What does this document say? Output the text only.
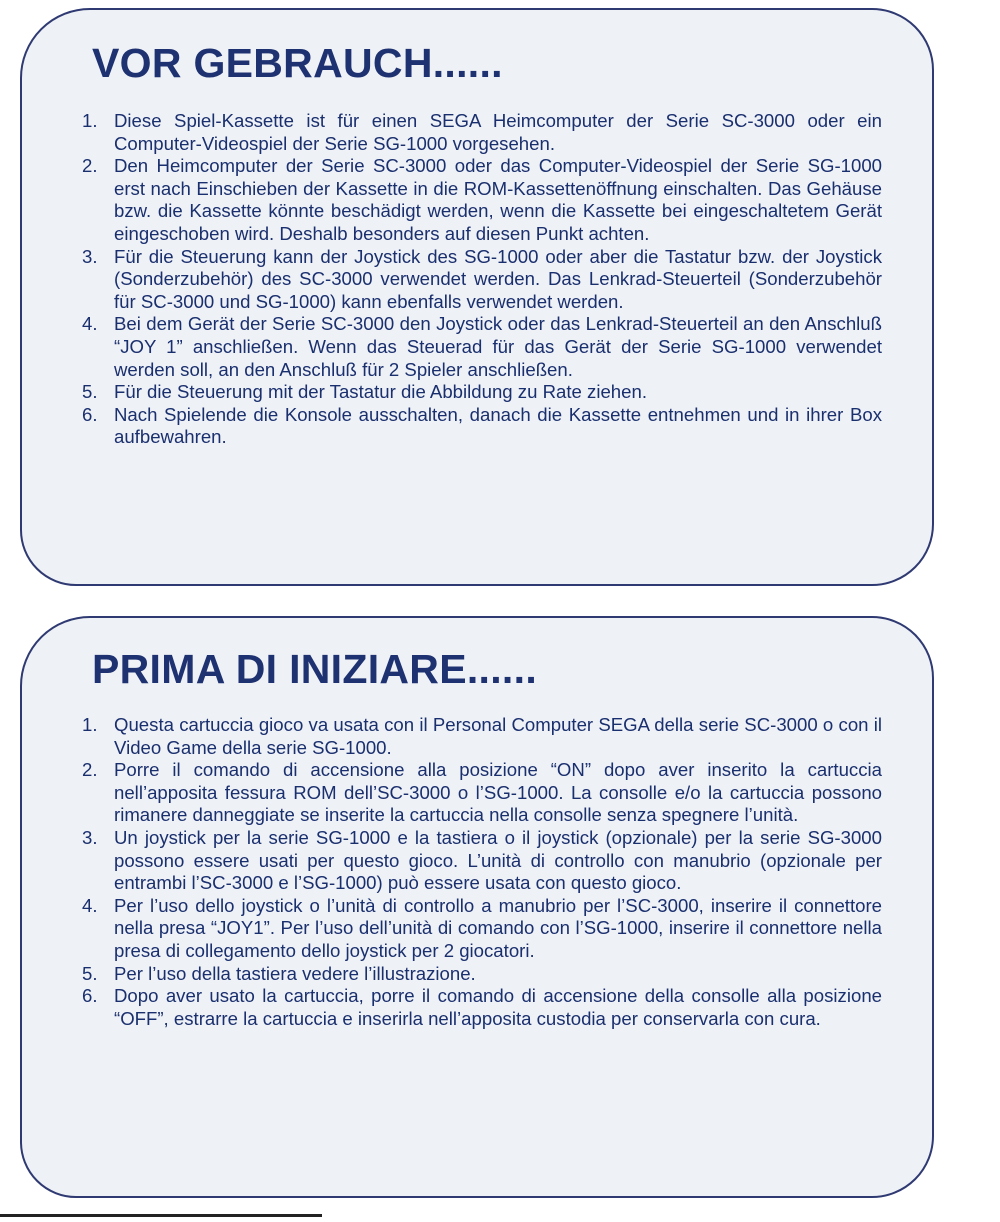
VOR GEBRAUCH......
1. Diese Spiel-Kassette ist für einen SEGA Heimcomputer der Serie SC-3000 oder ein Computer-Videospiel der Serie SG-1000 vorgesehen.
2. Den Heimcomputer der Serie SC-3000 oder das Computer-Videospiel der Serie SG-1000 erst nach Einschieben der Kassette in die ROM-Kassettenöffnung einschalten. Das Gehäuse bzw. die Kassette könnte beschädigt werden, wenn die Kassette bei eingeschaltetem Gerät eingeschoben wird. Deshalb besonders auf diesen Punkt achten.
3. Für die Steuerung kann der Joystick des SG-1000 oder aber die Tastatur bzw. der Joystick (Sonderzubehör) des SC-3000 verwendet werden. Das Lenkrad-Steuerteil (Sonderzubehör für SC-3000 und SG-1000) kann ebenfalls verwendet werden.
4. Bei dem Gerät der Serie SC-3000 den Joystick oder das Lenkrad-Steuerteil an den Anschluß “JOY 1” anschließen. Wenn das Steuerad für das Gerät der Serie SG-1000 verwendet werden soll, an den Anschluß für 2 Spieler anschließen.
5. Für die Steuerung mit der Tastatur die Abbildung zu Rate ziehen.
6. Nach Spielende die Konsole ausschalten, danach die Kassette entnehmen und in ihrer Box aufbewahren.
PRIMA DI INIZIARE......
1. Questa cartuccia gioco va usata con il Personal Computer SEGA della serie SC-3000 o con il Video Game della serie SG-1000.
2. Porre il comando di accensione alla posizione “ON” dopo aver inserito la cartuccia nell’apposita fessura ROM dell’SC-3000 o l’SG-1000. La consolle e/o la cartuccia possono rimanere danneggiate se inserite la cartuccia nella consolle senza spegnere l’unità.
3. Un joystick per la serie SG-1000 e la tastiera o il joystick (opzionale) per la serie SG-3000 possono essere usati per questo gioco. L’unità di controllo con manubrio (opzionale per entrambi l’SC-3000 e l’SG-1000) può essere usata con questo gioco.
4. Per l’uso dello joystick o l’unità di controllo a manubrio per l’SC-3000, inserire il connettore nella presa “JOY1”. Per l’uso dell’unità di comando con l’SG-1000, inserire il connettore nella presa di collegamento dello joystick per 2 giocatori.
5. Per l’uso della tastiera vedere l’illustrazione.
6. Dopo aver usato la cartuccia, porre il comando di accensione della consolle alla posizione “OFF”, estrarre la cartuccia e inserirla nell’apposita custodia per conservarla con cura.
